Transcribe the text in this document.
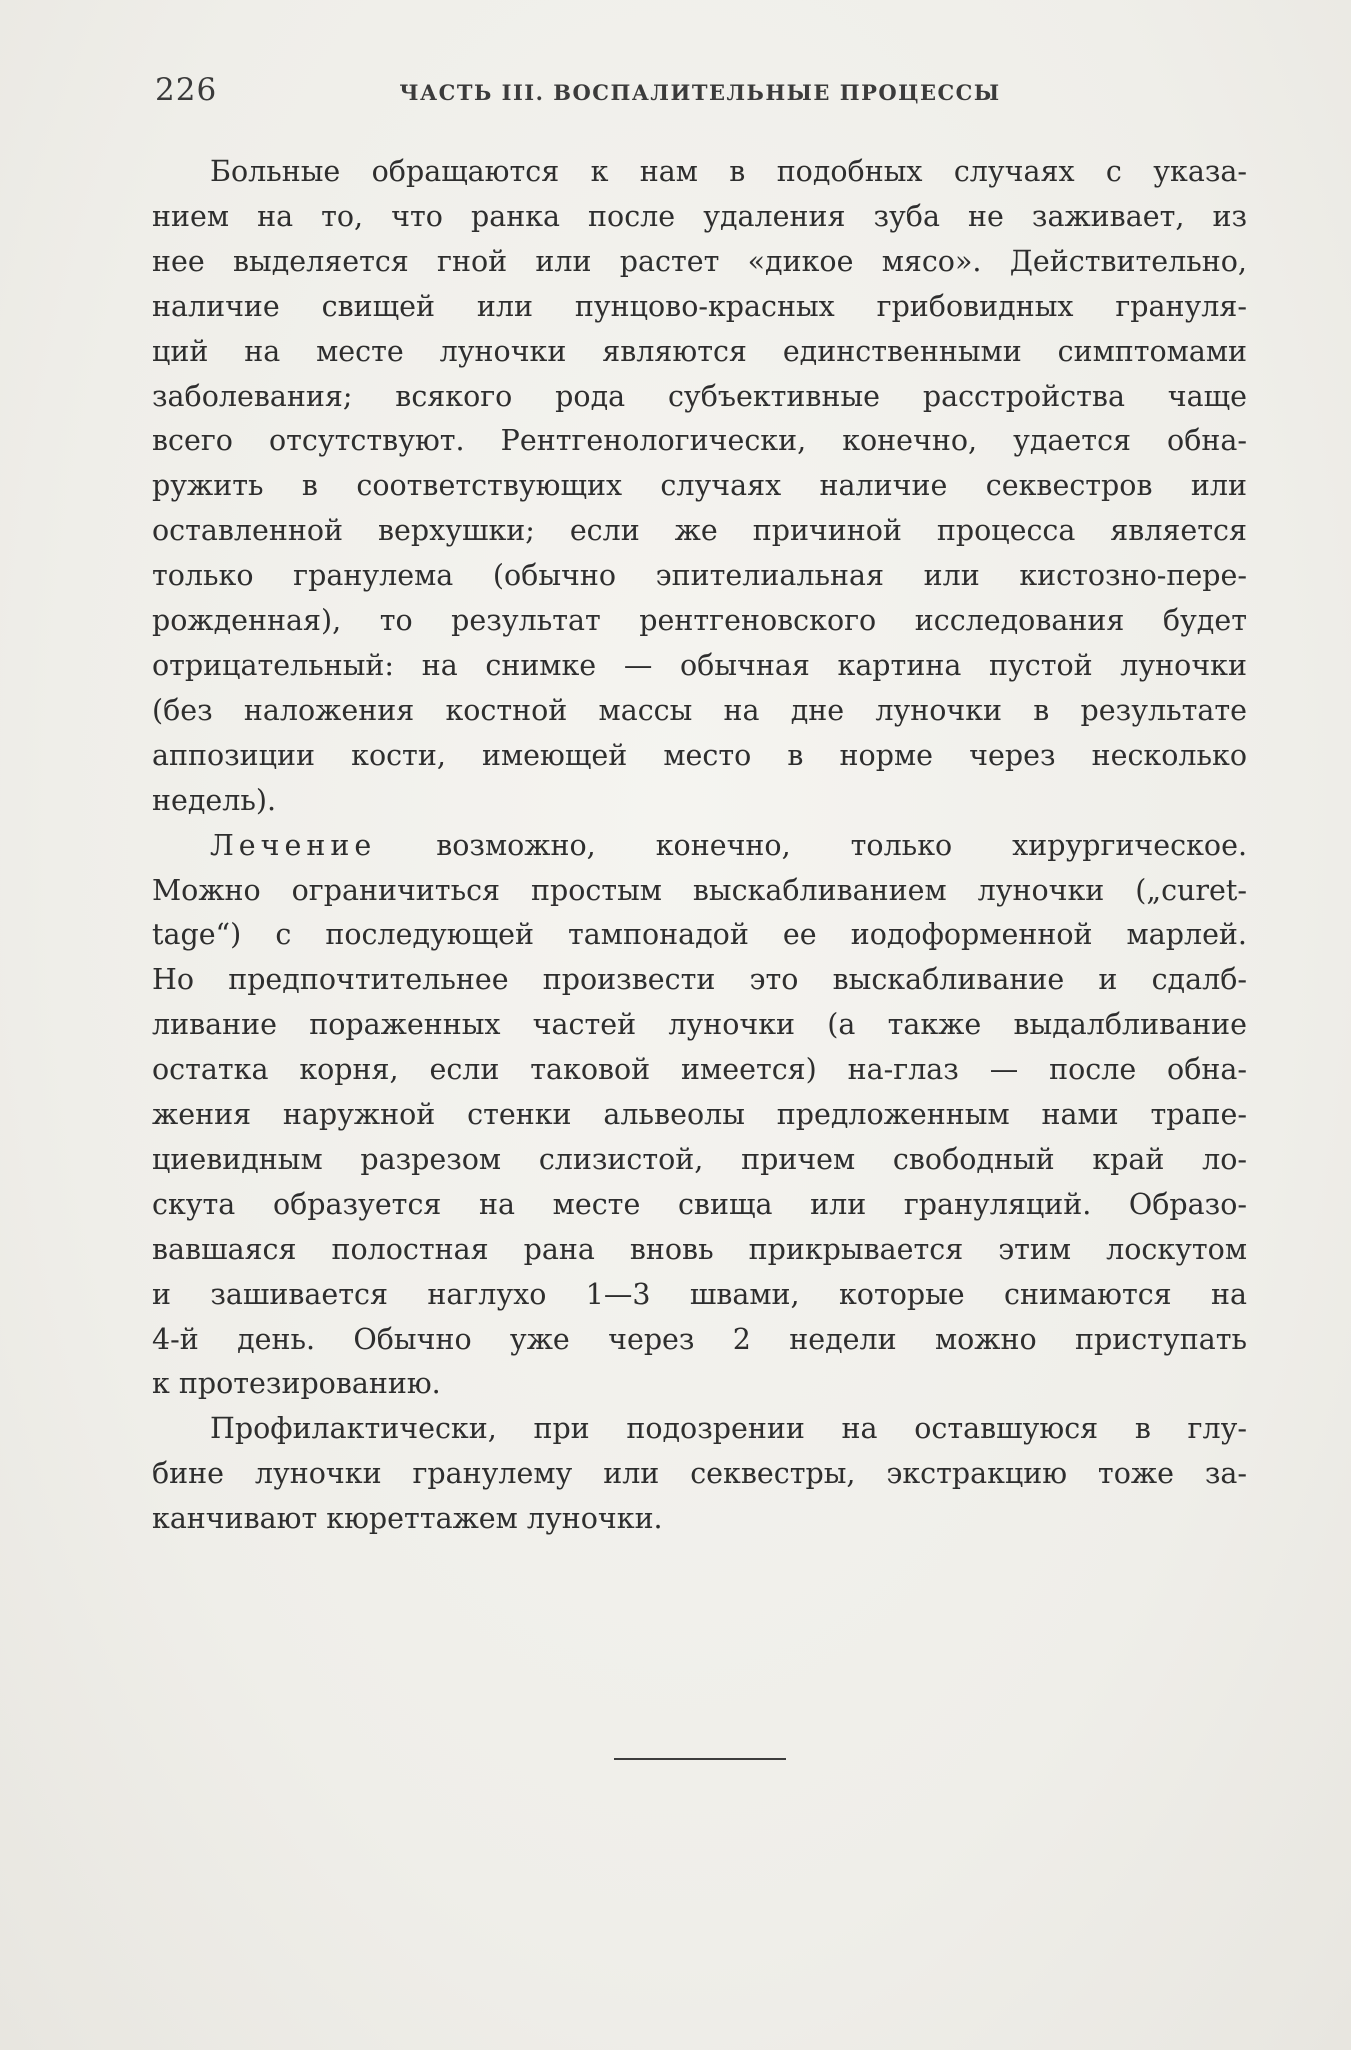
226	ЧАСТЬ III. ВОСПАЛИТЕЛЬНЫЕ ПРОЦЕССЫ

Больные обращаются к нам в подобных случаях с указа-
нием на то, что ранка после удаления зуба не заживает, из
нее выделяется гной или растет «дикое мясо». Действительно,
наличие свищей или пунцово-красных грибовидных грануля-
ций на месте луночки являются единственными симптомами
заболевания; всякого рода субъективные расстройства чаще
всего отсутствуют. Рентгенологически, конечно, удается обна-
ружить в соответствующих случаях наличие секвестров или
оставленной верхушки; если же причиной процесса является
только гранулема (обычно эпителиальная или кистозно-пере-
рожденная), то результат рентгеновского исследования будет
отрицательный: на снимке — обычная картина пустой луночки
(без наложения костной массы на дне луночки в результате
аппозиции кости, имеющей место в норме через несколько
недель).

Лечение возможно, конечно, только хирургическое.
Можно ограничиться простым выскабливанием луночки („curet-
tage“) с последующей тампонадой ее иодоформенной марлей.
Но предпочтительнее произвести это выскабливание и сдалб-
ливание пораженных частей луночки (а также выдалбливание
остатка корня, если таковой имеется) на-глаз — после обна-
жения наружной стенки альвеолы предложенным нами трапе-
циевидным разрезом слизистой, причем свободный край ло-
скута образуется на месте свища или грануляций. Образо-
вавшаяся полостная рана вновь прикрывается этим лоскутом
и зашивается наглухо 1—3 швами, которые снимаются на
4-й день. Обычно уже через 2 недели можно приступать
к протезированию.

Профилактически, при подозрении на оставшуюся в глу-
бине луночки гранулему или секвестры, экстракцию тоже за-
канчивают кюреттажем луночки.
